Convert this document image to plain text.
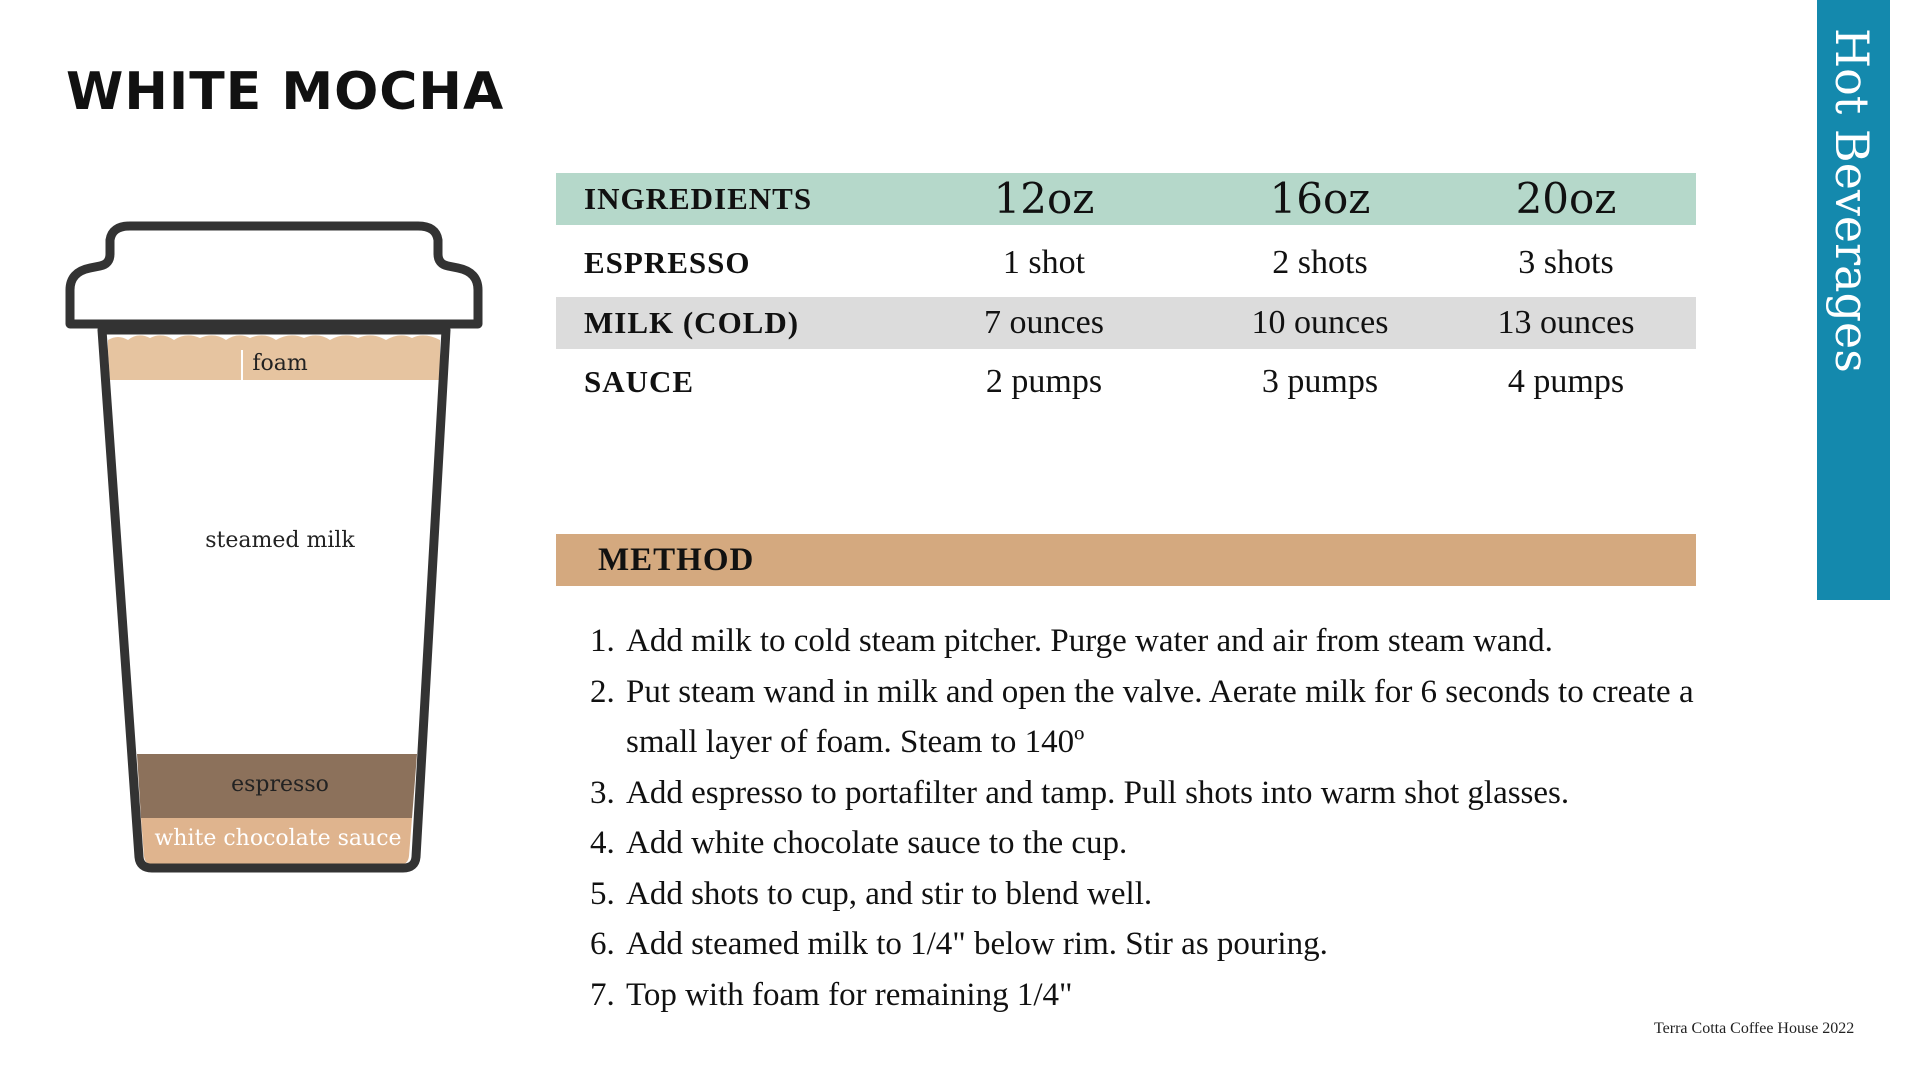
WHITE MOCHA	Hot Beverages
foam
steamed milk
espresso
white chocolate sauce
INGREDIENTS	12oz	16oz	20oz
ESPRESSO	1 shot	2 shots	3 shots
MILK (COLD)	7 ounces	10 ounces	13 ounces
SAUCE	2 pumps	3 pumps	4 pumps
METHOD
1. Add milk to cold steam pitcher. Purge water and air from steam wand.
2. Put steam wand in milk and open the valve. Aerate milk for 6 seconds to create a small layer of foam. Steam to 140º
3. Add espresso to portafilter and tamp. Pull shots into warm shot glasses.
4. Add white chocolate sauce to the cup.
5. Add shots to cup, and stir to blend well.
6. Add steamed milk to 1/4" below rim. Stir as pouring.
7. Top with foam for remaining 1/4"
Terra Cotta Coffee House 2022
